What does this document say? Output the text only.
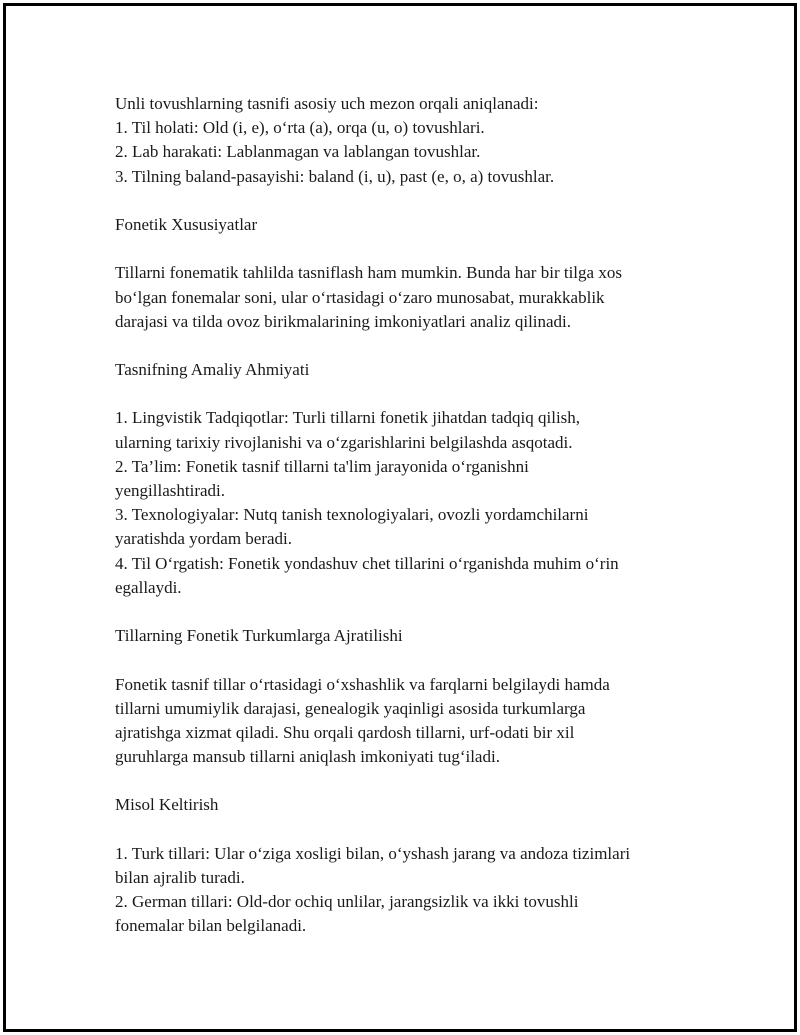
Unli tovushlarning tasnifi asosiy uch mezon orqali aniqlanadi:
1. Til holati: Old (i, e), o‘rta (a), orqa (u, o) tovushlari.
2. Lab harakati: Lablanmagan va lablangan tovushlar.
3. Tilning baland-pasayishi: baland (i, u), past (e, o, a) tovushlar.
Fonetik Xususiyatlar
Tillarni fonematik tahlilda tasniflash ham mumkin. Bunda har bir tilga xos
bo‘lgan fonemalar soni, ular o‘rtasidagi o‘zaro munosabat, murakkablik
darajasi va tilda ovoz birikmalarining imkoniyatlari analiz qilinadi.
Tasnifning Amaliy Ahmiyati
1. Lingvistik Tadqiqotlar: Turli tillarni fonetik jihatdan tadqiq qilish,
ularning tarixiy rivojlanishi va o‘zgarishlarini belgilashda asqotadi.
2. Ta’lim: Fonetik tasnif tillarni ta'lim jarayonida o‘rganishni
yengillashtiradi.
3. Texnologiyalar: Nutq tanish texnologiyalari, ovozli yordamchilarni
yaratishda yordam beradi.
4. Til O‘rgatish: Fonetik yondashuv chet tillarini o‘rganishda muhim o‘rin
egallaydi.
Tillarning Fonetik Turkumlarga Ajratilishi
Fonetik tasnif tillar o‘rtasidagi o‘xshashlik va farqlarni belgilaydi hamda
tillarni umumiylik darajasi, genealogik yaqinligi asosida turkumlarga
ajratishga xizmat qiladi. Shu orqali qardosh tillarni, urf-odati bir xil
guruhlarga mansub tillarni aniqlash imkoniyati tug‘iladi.
Misol Keltirish
1. Turk tillari: Ular o‘ziga xosligi bilan, o‘yshash jarang va andoza tizimlari
bilan ajralib turadi.
2. German tillari: Old-dor ochiq unlilar, jarangsizlik va ikki tovushli
fonemalar bilan belgilanadi.
